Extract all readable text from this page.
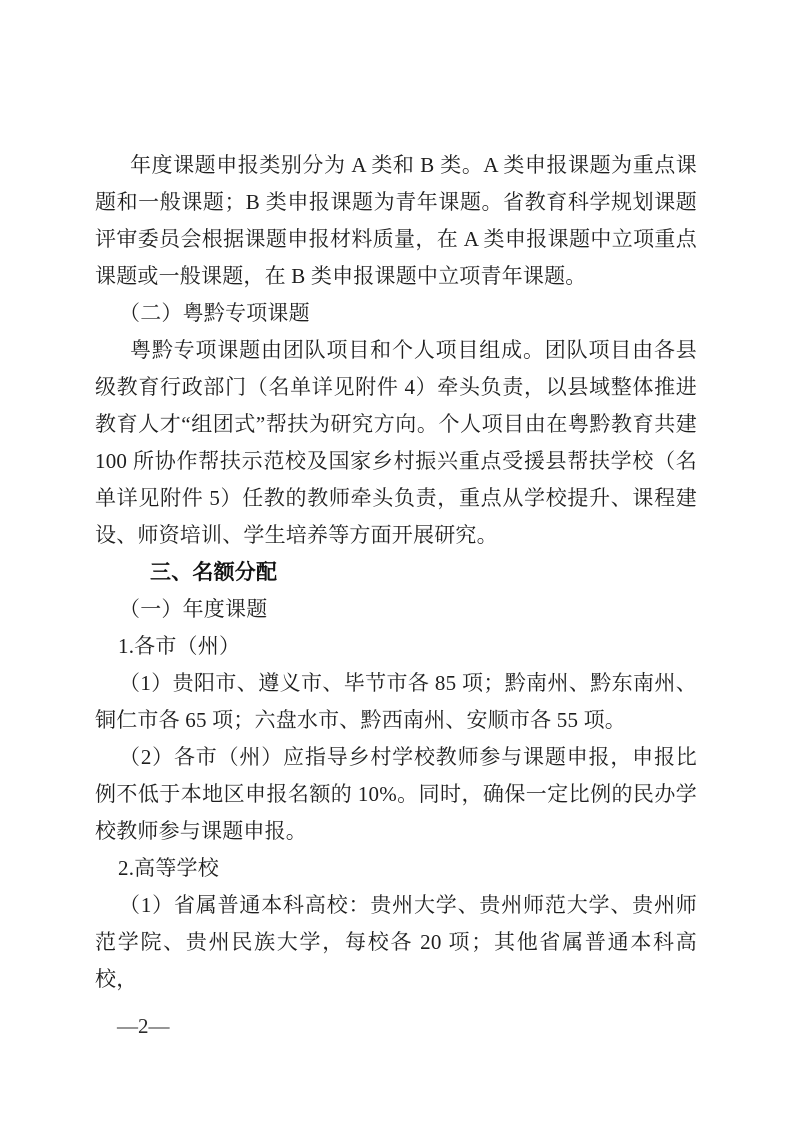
年度课题申报类别分为 A 类和 B 类。A 类申报课题为重点课题和一般课题；B 类申报课题为青年课题。省教育科学规划课题评审委员会根据课题申报材料质量，在 A 类申报课题中立项重点课题或一般课题，在 B 类申报课题中立项青年课题。

（二）粤黔专项课题

粤黔专项课题由团队项目和个人项目组成。团队项目由各县级教育行政部门（名单详见附件 4）牵头负责，以县域整体推进教育人才“组团式”帮扶为研究方向。个人项目由在粤黔教育共建 100 所协作帮扶示范校及国家乡村振兴重点受援县帮扶学校（名单详见附件 5）任教的教师牵头负责，重点从学校提升、课程建设、师资培训、学生培养等方面开展研究。

三、名额分配

（一）年度课题

1.各市（州）

（1）贵阳市、遵义市、毕节市各 85 项；黔南州、黔东南州、铜仁市各 65 项；六盘水市、黔西南州、安顺市各 55 项。

（2）各市（州）应指导乡村学校教师参与课题申报，申报比例不低于本地区申报名额的 10%。同时，确保一定比例的民办学校教师参与课题申报。

2.高等学校

（1）省属普通本科高校：贵州大学、贵州师范大学、贵州师范学院、贵州民族大学，每校各 20 项；其他省属普通本科高校，

—2—
